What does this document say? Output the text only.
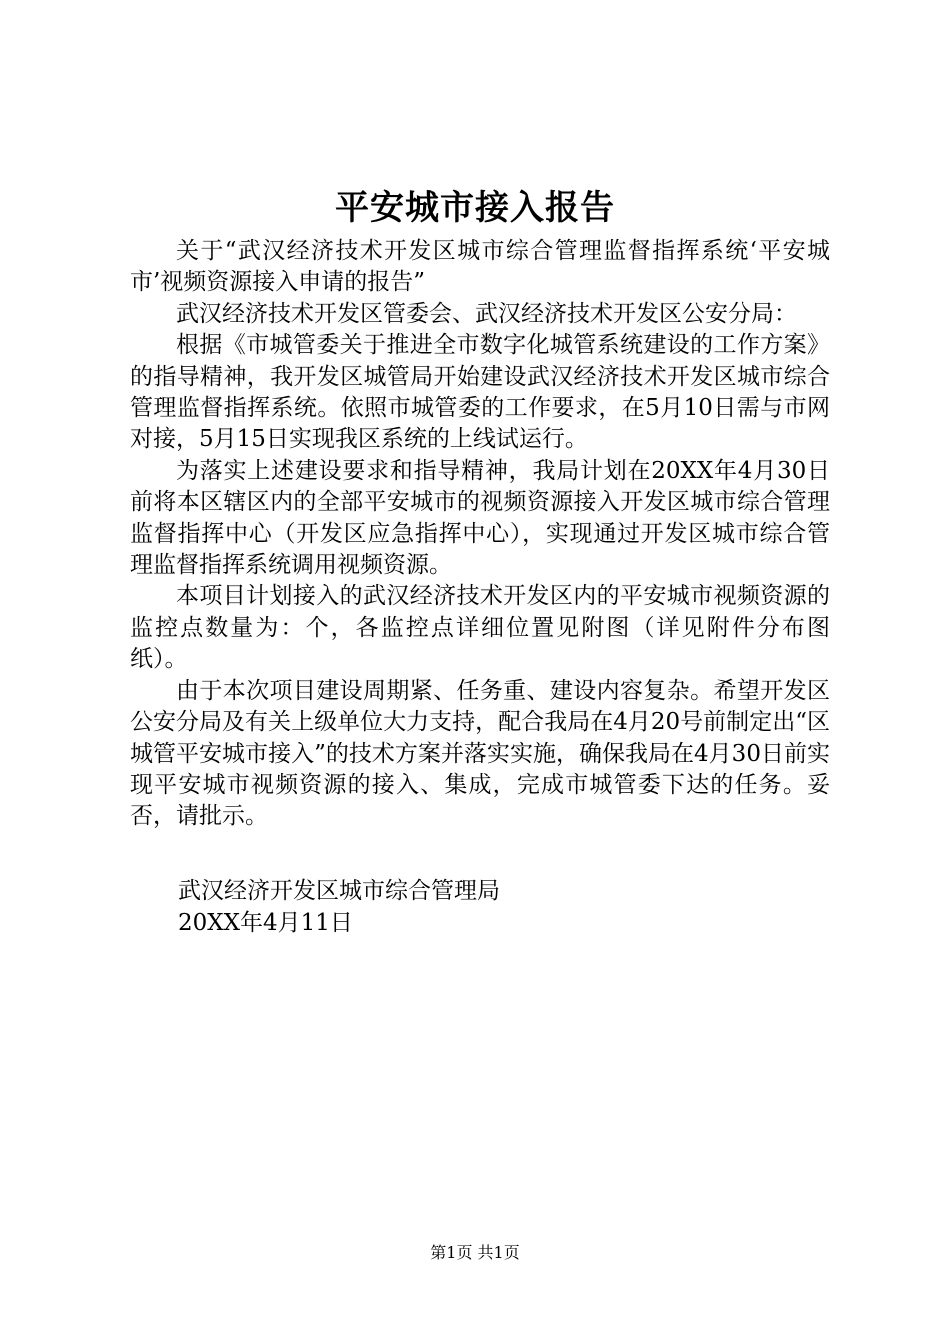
平安城市接入报告

关于“武汉经济技术开发区城市综合管理监督指挥系统‘平安城市’视频资源接入申请的报告”

武汉经济技术开发区管委会、武汉经济技术开发区公安分局：

根据《市城管委关于推进全市数字化城管系统建设的工作方案》的指导精神，我开发区城管局开始建设武汉经济技术开发区城市综合管理监督指挥系统。依照市城管委的工作要求，在5月10日需与市网对接，5月15日实现我区系统的上线试运行。

为落实上述建设要求和指导精神，我局计划在20XX年4月30日前将本区辖区内的全部平安城市的视频资源接入开发区城市综合管理监督指挥中心（开发区应急指挥中心），实现通过开发区城市综合管理监督指挥系统调用视频资源。

本项目计划接入的武汉经济技术开发区内的平安城市视频资源的监控点数量为：个，各监控点详细位置见附图（详见附件分布图纸）。

由于本次项目建设周期紧、任务重、建设内容复杂。希望开发区公安分局及有关上级单位大力支持，配合我局在4月20号前制定出“区城管平安城市接入”的技术方案并落实实施，确保我局在4月30日前实现平安城市视频资源的接入、集成，完成市城管委下达的任务。妥否，请批示。

武汉经济开发区城市综合管理局
20XX年4月11日
第1页 共1页
